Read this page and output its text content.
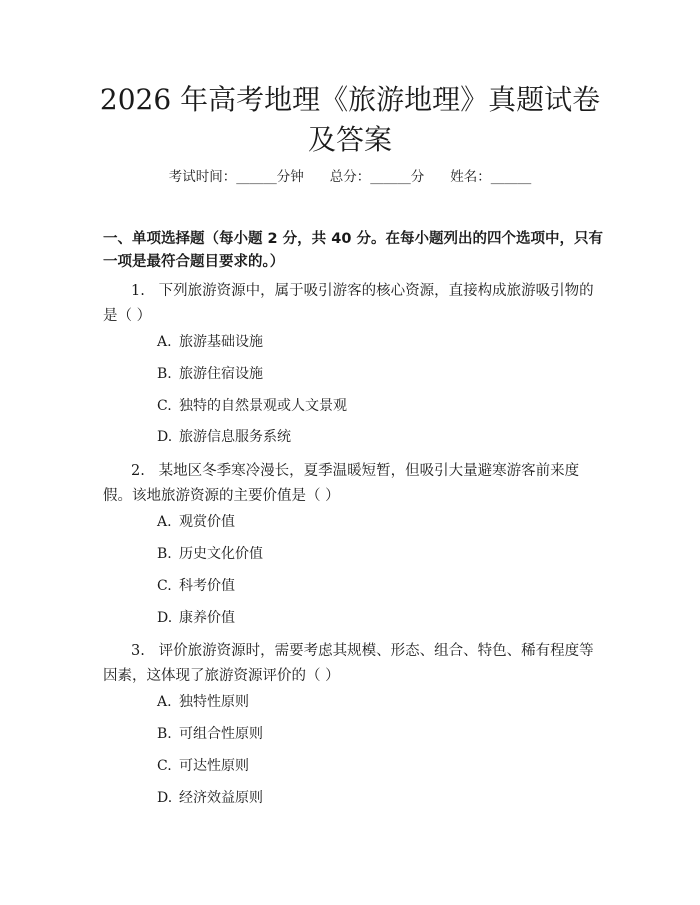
2026 年高考地理《旅游地理》真题试卷及答案
考试时间：______分钟 总分：______分 姓名：______
一、单项选择题（每小题 2 分，共 40 分。在每小题列出的四个选项中，只有一项是最符合题目要求的。）
1. 下列旅游资源中，属于吸引游客的核心资源，直接构成旅游吸引物的是（ ）
A. 旅游基础设施
B. 旅游住宿设施
C. 独特的自然景观或人文景观
D. 旅游信息服务系统
2. 某地区冬季寒冷漫长，夏季温暖短暂，但吸引大量避寒游客前来度假。该地旅游资源的主要价值是（ ）
A. 观赏价值
B. 历史文化价值
C. 科考价值
D. 康养价值
3. 评价旅游资源时，需要考虑其规模、形态、组合、特色、稀有程度等因素，这体现了旅游资源评价的（ ）
A. 独特性原则
B. 可组合性原则
C. 可达性原则
D. 经济效益原则
